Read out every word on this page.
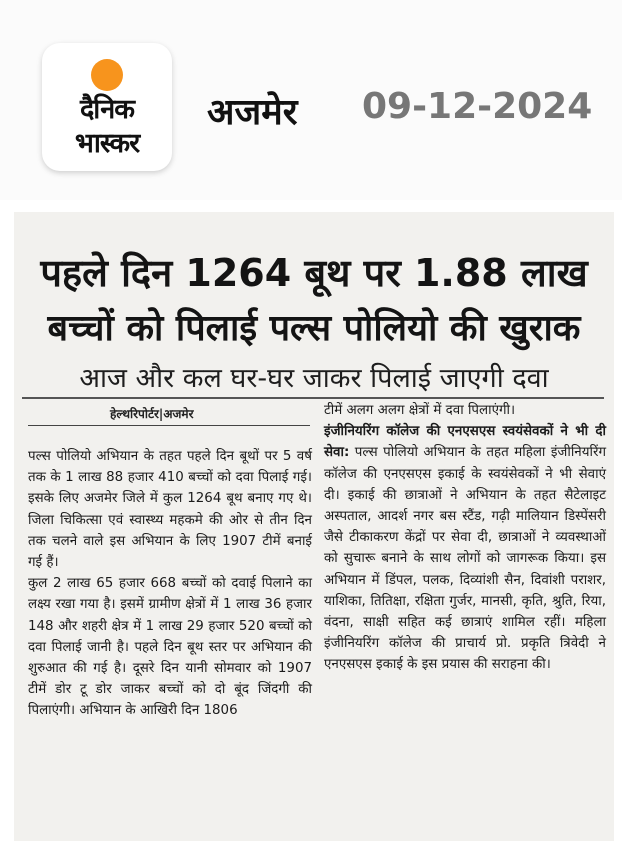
दैनिक
भास्कर
अजमेर 09-12-2024
पहले दिन 1264 बूथ पर 1.88 लाख
बच्चों को पिलाई पल्स पोलियो की खुराक
आज और कल घर-घर जाकर पिलाई जाएगी दवा
हेल्थरिपोर्टर|अजमेर

पल्स पोलियो अभियान के तहत पहले दिन बूथों पर 5 वर्ष तक के 1 लाख 88 हजार 410 बच्चों को दवा पिलाई गई। इसके लिए अजमेर जिले में कुल 1264 बूथ बनाए गए थे। जिला चिकित्सा एवं स्वास्थ्य महकमे की ओर से तीन दिन तक चलने वाले इस अभियान के लिए 1907 टीमें बनाई गई हैं।

कुल 2 लाख 65 हजार 668 बच्चों को दवाई पिलाने का लक्ष्य रखा गया है। इसमें ग्रामीण क्षेत्रों में 1 लाख 36 हजार 148 और शहरी क्षेत्र में 1 लाख 29 हजार 520 बच्चों को दवा पिलाई जानी है। पहले दिन बूथ स्तर पर अभियान की शुरुआत की गई है। दूसरे दिन यानी सोमवार को 1907 टीमें डोर टू डोर जाकर बच्चों को दो बूंद जिंदगी की पिलाएंगी। अभियान के आखिरी दिन 1806

टीमें अलग अलग क्षेत्रों में दवा पिलाएंगी।

इंजीनियरिंग कॉलेज की एनएसएस स्वयंसेवकों ने भी दी सेवा: पल्स पोलियो अभियान के तहत महिला इंजीनियरिंग कॉलेज की एनएसएस इकाई के स्वयंसेवकों ने भी सेवाएं दी। इकाई की छात्राओं ने अभियान के तहत सैटेलाइट अस्पताल, आदर्श नगर बस स्टैंड, गढ़ी मालियान डिस्पेंसरी जैसे टीकाकरण केंद्रों पर सेवा दी, छात्राओं ने व्यवस्थाओं को सुचारू बनाने के साथ लोगों को जागरूक किया। इस अभियान में डिंपल, पलक, दिव्यांशी सैन, दिवांशी पराशर, याशिका, तितिक्षा, रक्षिता गुर्जर, मानसी, कृति, श्रुति, रिया, वंदना, साक्षी सहित कई छात्राएं शामिल रहीं। महिला इंजीनियरिंग कॉलेज की प्राचार्य प्रो. प्रकृति त्रिवेदी ने एनएसएस इकाई के इस प्रयास की सराहना की।
